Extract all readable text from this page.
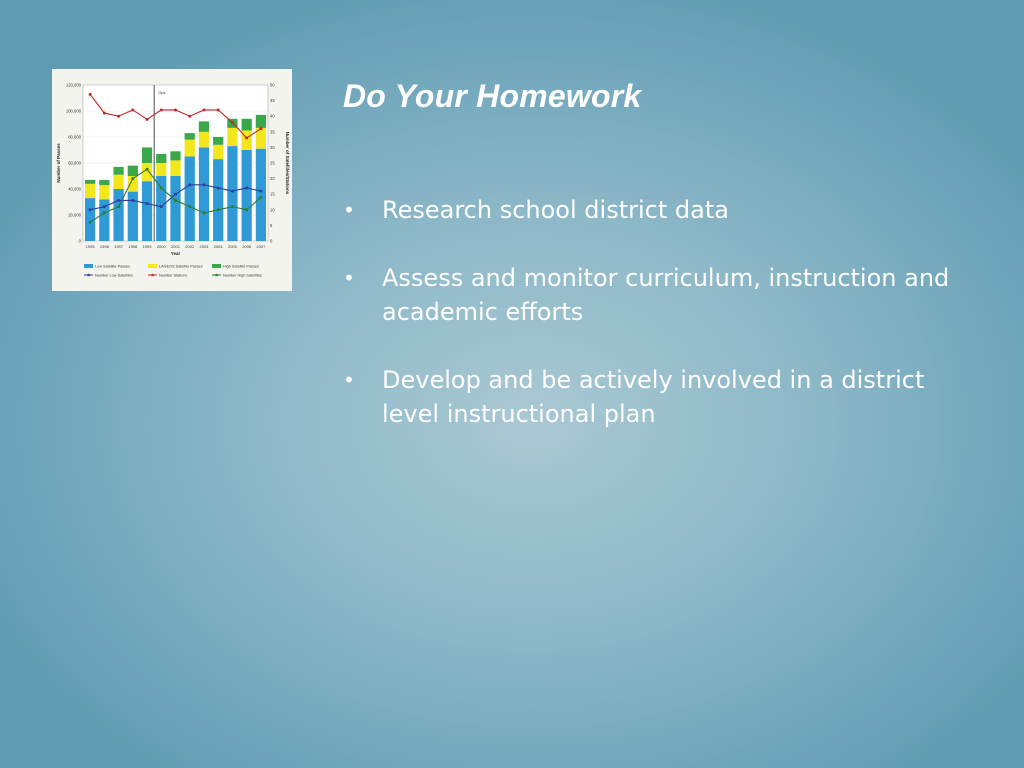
0
20,000
40,000
60,000
80,000
100,000
120,000
0
5
10
15
20
25
30
35
40
45
50
1995 1996 1997 1998 1999 2000 2001 2002 2003 2004 2005 2006 2007
Ops
Year
Number of Passes	Number of Satellites/Stations
Low Satellite Passes	LAGEOS Satellite Passes	High Satellite Passes
Number Low Satellites	Number Stations	Number High Satellites
Do Your Homework
• Research school district data
• Assess and monitor curriculum, instruction and academic efforts
• Develop and be actively involved in a district level instructional plan
